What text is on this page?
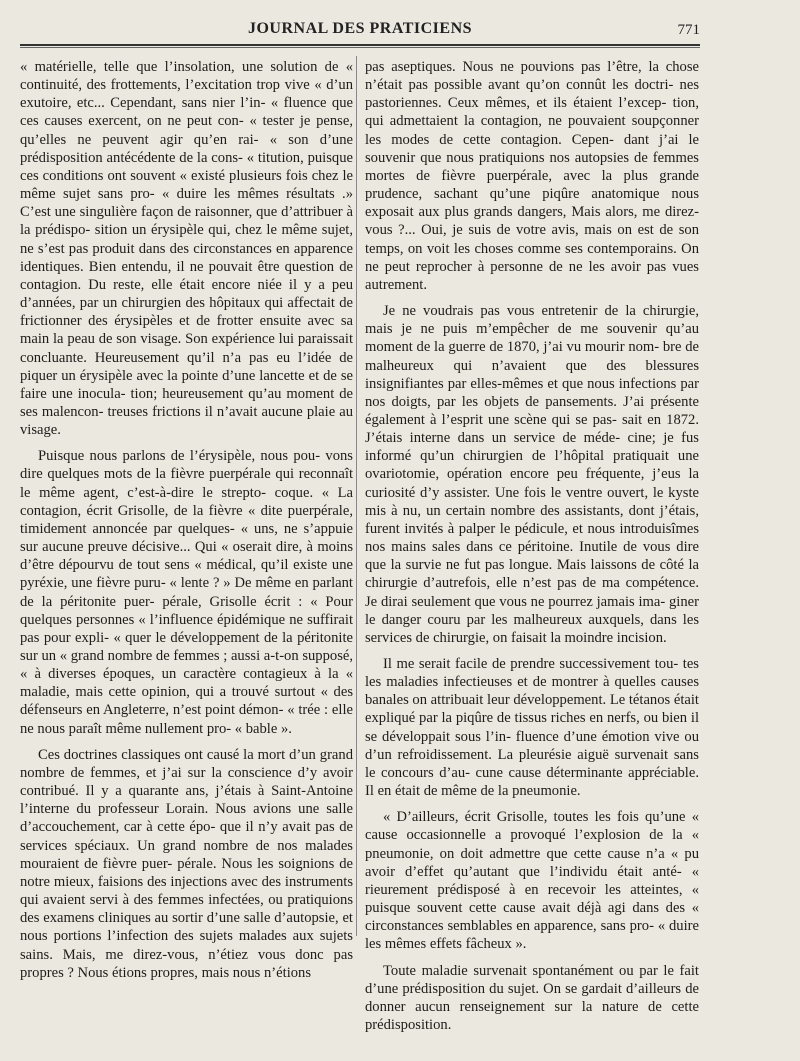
JOURNAL DES PRATICIENS	771

« matérielle, telle que l’insolation, une solution de « continuité, des frottements, l’excitation trop vive « d’un exutoire, etc... Cependant, sans nier l’in- « fluence que ces causes exercent, on ne peut con- « tester je pense, qu’elles ne peuvent agir qu’en rai- « son d’une prédisposition antécédente de la cons- « titution, puisque ces conditions ont souvent « existé plusieurs fois chez le même sujet sans pro- « duire les mêmes résultats .» C’est une singulière façon de raisonner, que d’attribuer à la prédispo- sition un érysipèle qui, chez le même sujet, ne s’est pas produit dans des circonstances en apparence identiques. Bien entendu, il ne pouvait être question de contagion. Du reste, elle était encore niée il y a peu d’années, par un chirurgien des hôpitaux qui affectait de frictionner des érysipèles et de frotter ensuite avec sa main la peau de son visage. Son expérience lui paraissait concluante. Heureusement qu’il n’a pas eu l’idée de piquer un érysipèle avec la pointe d’une lancette et de se faire une inocula- tion; heureusement qu’au moment de ses malencon- treuses frictions il n’avait aucune plaie au visage.

Puisque nous parlons de l’érysipèle, nous pou- vons dire quelques mots de la fièvre puerpérale qui reconnaît le même agent, c’est-à-dire le strepto- coque. « La contagion, écrit Grisolle, de la fièvre « dite puerpérale, timidement annoncée par quelques- « uns, ne s’appuie sur aucune preuve décisive... Qui « oserait dire, à moins d’être dépourvu de tout sens « médical, qu’il existe une pyréxie, une fièvre puru- « lente ? » De même en parlant de la péritonite puer- pérale, Grisolle écrit : « Pour quelques personnes « l’influence épidémique ne suffirait pas pour expli- « quer le développement de la péritonite sur un « grand nombre de femmes ; aussi a-t-on supposé, « à diverses époques, un caractère contagieux à la « maladie, mais cette opinion, qui a trouvé surtout « des défenseurs en Angleterre, n’est point démon- « trée : elle ne nous paraît même nullement pro- « bable ».

Ces doctrines classiques ont causé la mort d’un grand nombre de femmes, et j’ai sur la conscience d’y avoir contribué. Il y a quarante ans, j’étais à Saint-Antoine l’interne du professeur Lorain. Nous avions une salle d’accouchement, car à cette épo- que il n’y avait pas de services spéciaux. Un grand nombre de nos malades mouraient de fièvre puer- pérale. Nous les soignions de notre mieux, faisions des injections avec des instruments qui avaient servi à des femmes infectées, ou pratiquions des examens cliniques au sortir d’une salle d’autopsie, et nous portions l’infection des sujets malades aux sujets sains. Mais, me direz-vous, n’étiez vous donc pas propres ? Nous étions propres, mais nous n’étions

pas aseptiques. Nous ne pouvions pas l’être, la chose n’était pas possible avant qu’on connût les doctri- nes pastoriennes. Ceux mêmes, et ils étaient l’excep- tion, qui admettaient la contagion, ne pouvaient soupçonner les modes de cette contagion. Cepen- dant j’ai le souvenir que nous pratiquions nos autopsies de femmes mortes de fièvre puerpérale, avec la plus grande prudence, sachant qu’une piqûre anatomique nous exposait aux plus grands dangers, Mais alors, me direz-vous ?... Oui, je suis de votre avis, mais on est de son temps, on voit les choses comme ses contemporains. On ne peut reprocher à personne de ne les avoir pas vues autrement.

Je ne voudrais pas vous entretenir de la chirurgie, mais je ne puis m’empêcher de me souvenir qu’au moment de la guerre de 1870, j’ai vu mourir nom- bre de malheureux qui n’avaient que des blessures insignifiantes par elles-mêmes et que nous infections par nos doigts, par les objets de pansements. J’ai présente également à l’esprit une scène qui se pas- sait en 1872. J’étais interne dans un service de méde- cine; je fus informé qu’un chirurgien de l’hôpital pratiquait une ovariotomie, opération encore peu fréquente, j’eus la curiosité d’y assister. Une fois le ventre ouvert, le kyste mis à nu, un certain nombre des assistants, dont j’étais, furent invités à palper le pédicule, et nous introduisîmes nos mains sales dans ce péritoine. Inutile de vous dire que la survie ne fut pas longue. Mais laissons de côté la chirurgie d’autrefois, elle n’est pas de ma compétence. Je dirai seulement que vous ne pourrez jamais ima- giner le danger couru par les malheureux auxquels, dans les services de chirurgie, on faisait la moindre incision.

Il me serait facile de prendre successivement tou- tes les maladies infectieuses et de montrer à quelles causes banales on attribuait leur développement. Le tétanos était expliqué par la piqûre de tissus riches en nerfs, ou bien il se développait sous l’in- fluence d’une émotion vive ou d’un refroidissement. La pleurésie aiguë survenait sans le concours d’au- cune cause déterminante appréciable. Il en était de même de la pneumonie.

« D’ailleurs, écrit Grisolle, toutes les fois qu’une « cause occasionnelle a provoqué l’explosion de la « pneumonie, on doit admettre que cette cause n’a « pu avoir d’effet qu’autant que l’individu était anté- « rieurement prédisposé à en recevoir les atteintes, « puisque souvent cette cause avait déjà agi dans des « circonstances semblables en apparence, sans pro- « duire les mêmes effets fâcheux ».

Toute maladie survenait spontanément ou par le fait d’une prédisposition du sujet. On se gardait d’ailleurs de donner aucun renseignement sur la nature de cette prédisposition.
